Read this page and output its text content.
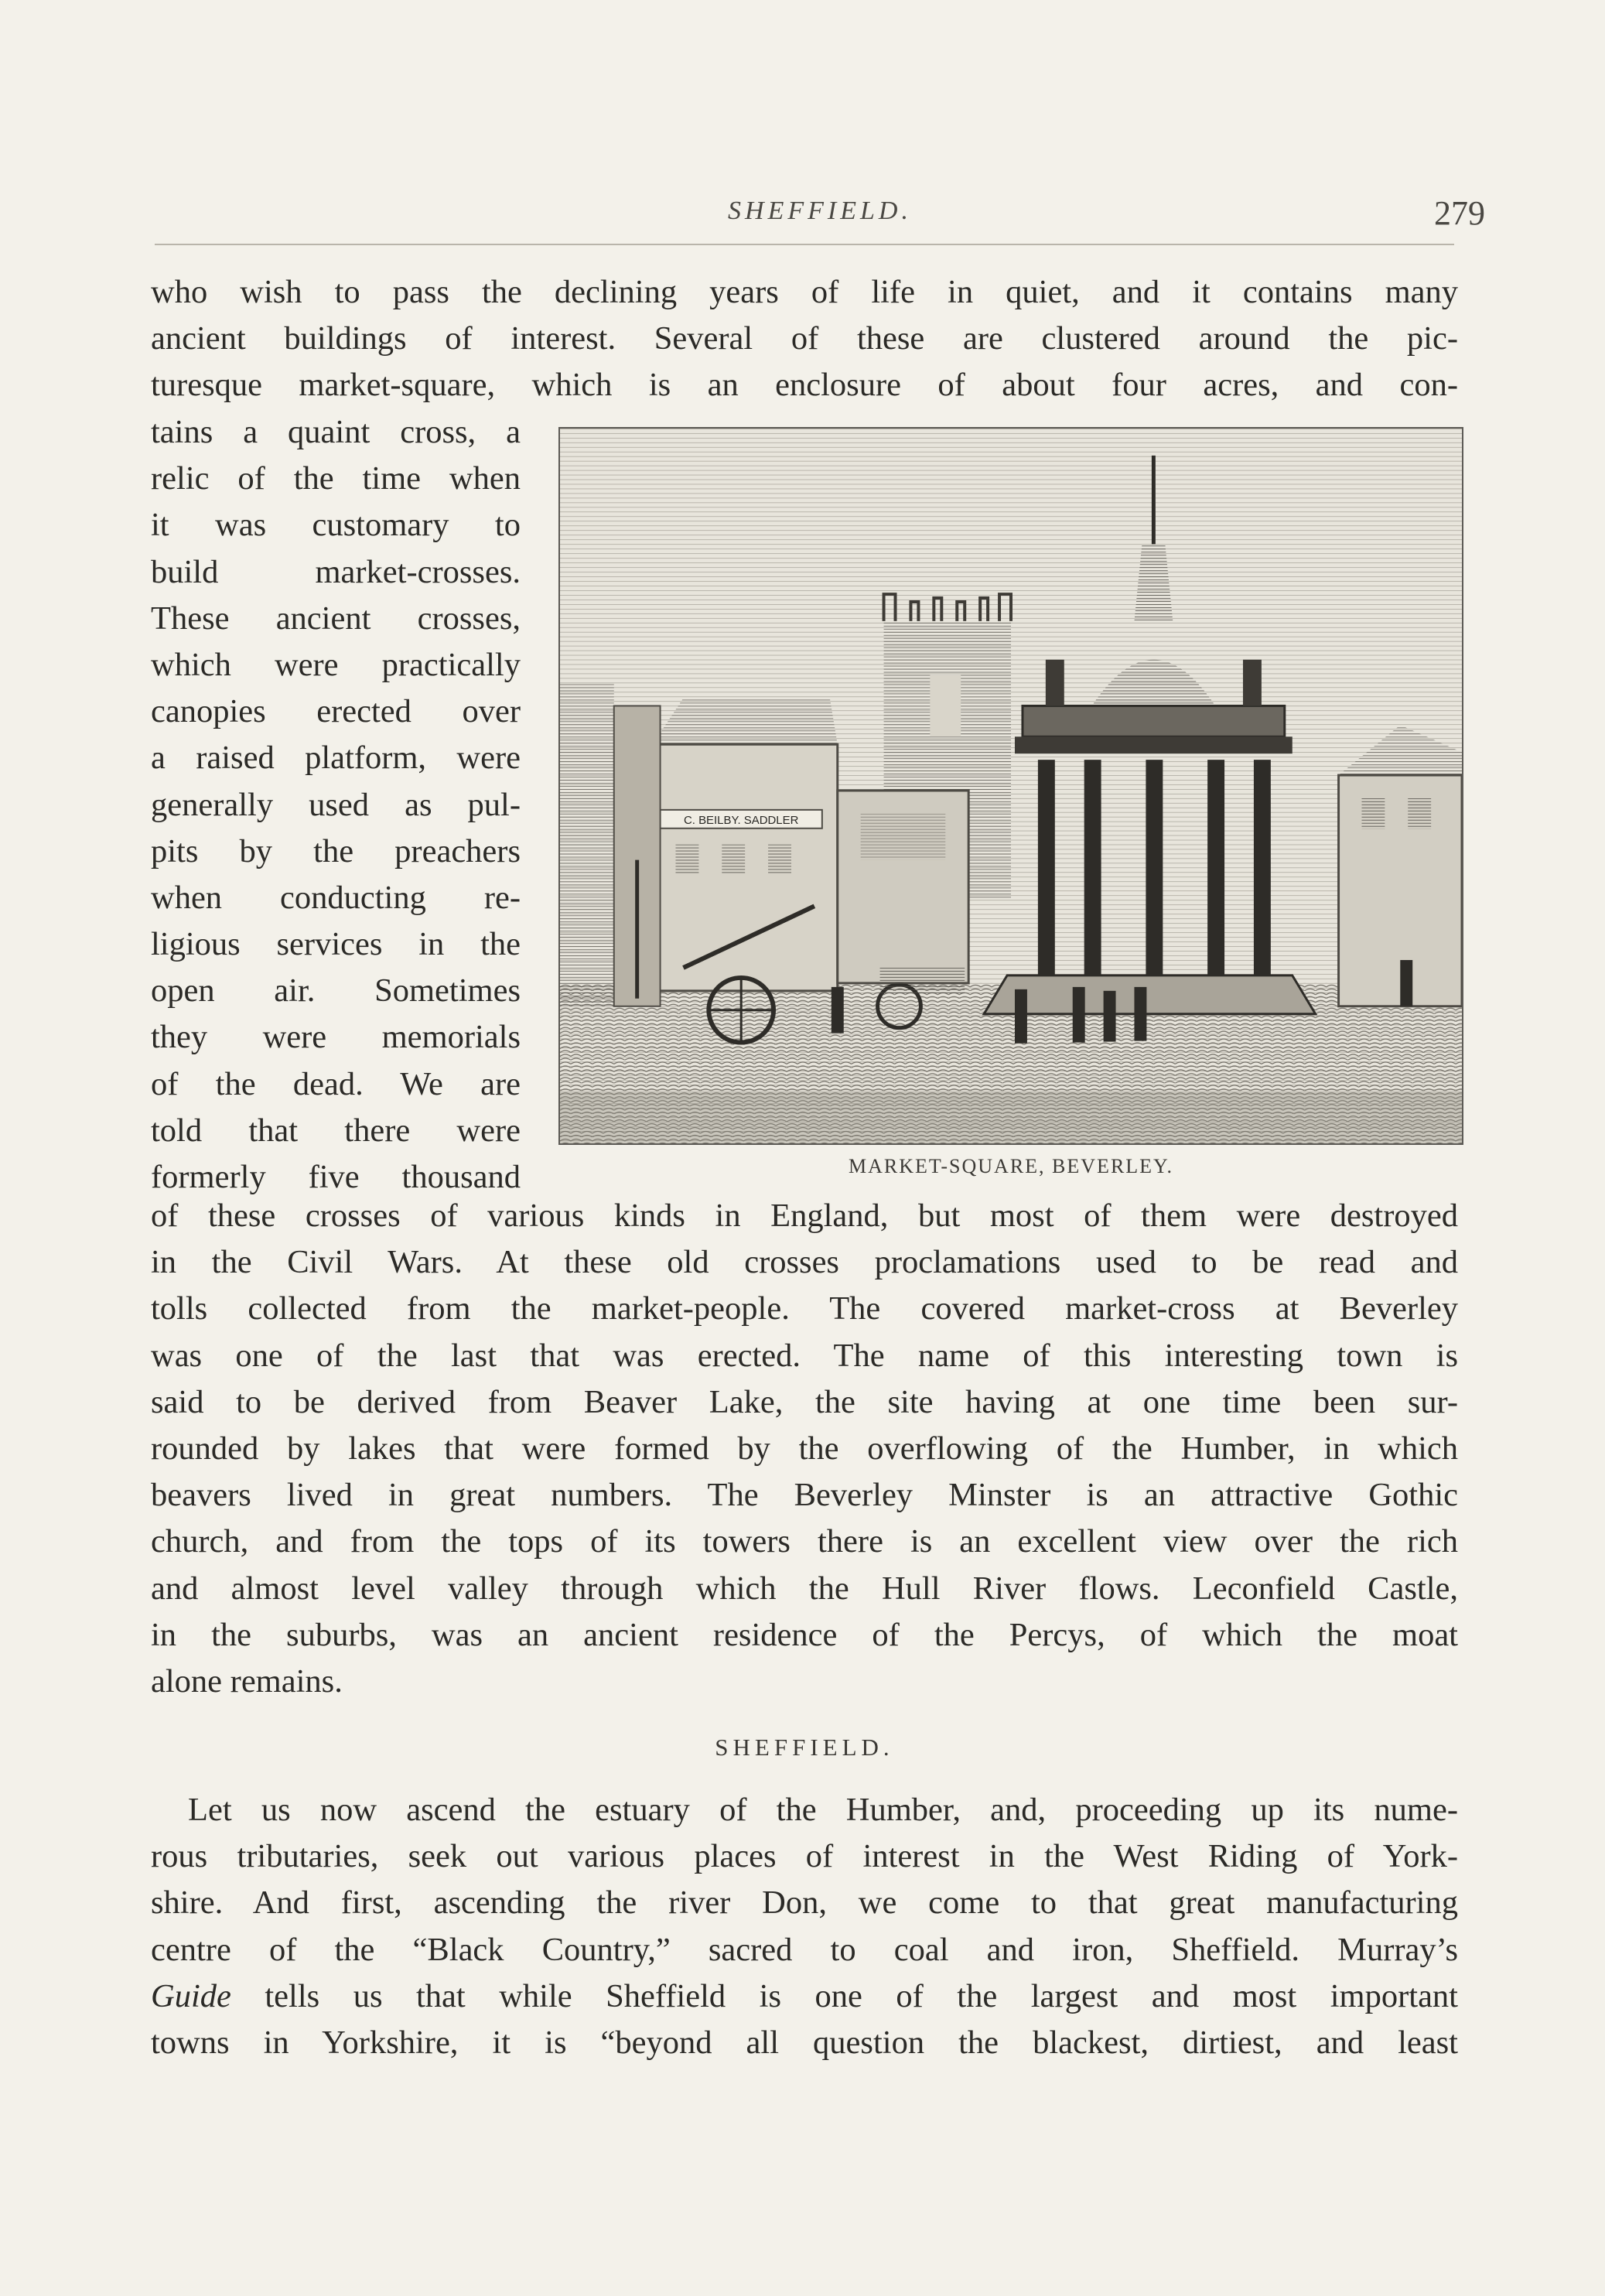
SHEFFIELD.	279
who wish to pass the declining years of life in quiet, and it contains many
ancient buildings of interest. Several of these are clustered around the pic-
turesque market-square, which is an enclosure of about four acres, and con-
tains a quaint cross, a
relic of the time when
it was customary to
build market-crosses.
These ancient crosses,
which were practically
canopies erected over
a raised platform, were
generally used as pul-
pits by the preachers
when conducting re-
ligious services in the
open air. Sometimes
they were memorials
of the dead. We are
told that there were
formerly five thousand
C. BEILBY. SADDLER
MARKET-SQUARE, BEVERLEY.
of these crosses of various kinds in England, but most of them were destroyed
in the Civil Wars. At these old crosses proclamations used to be read and
tolls collected from the market-people. The covered market-cross at Beverley
was one of the last that was erected. The name of this interesting town is
said to be derived from Beaver Lake, the site having at one time been sur-
rounded by lakes that were formed by the overflowing of the Humber, in which
beavers lived in great numbers. The Beverley Minster is an attractive Gothic
church, and from the tops of its towers there is an excellent view over the rich
and almost level valley through which the Hull River flows. Leconfield Castle,
in the suburbs, was an ancient residence of the Percys, of which the moat
alone remains.
SHEFFIELD.
Let us now ascend the estuary of the Humber, and, proceeding up its nume-
rous tributaries, seek out various places of interest in the West Riding of York-
shire. And first, ascending the river Don, we come to that great manufacturing
centre of the “Black Country,” sacred to coal and iron, Sheffield. Murray’s
Guide tells us that while Sheffield is one of the largest and most important
towns in Yorkshire, it is “beyond all question the blackest, dirtiest, and least
